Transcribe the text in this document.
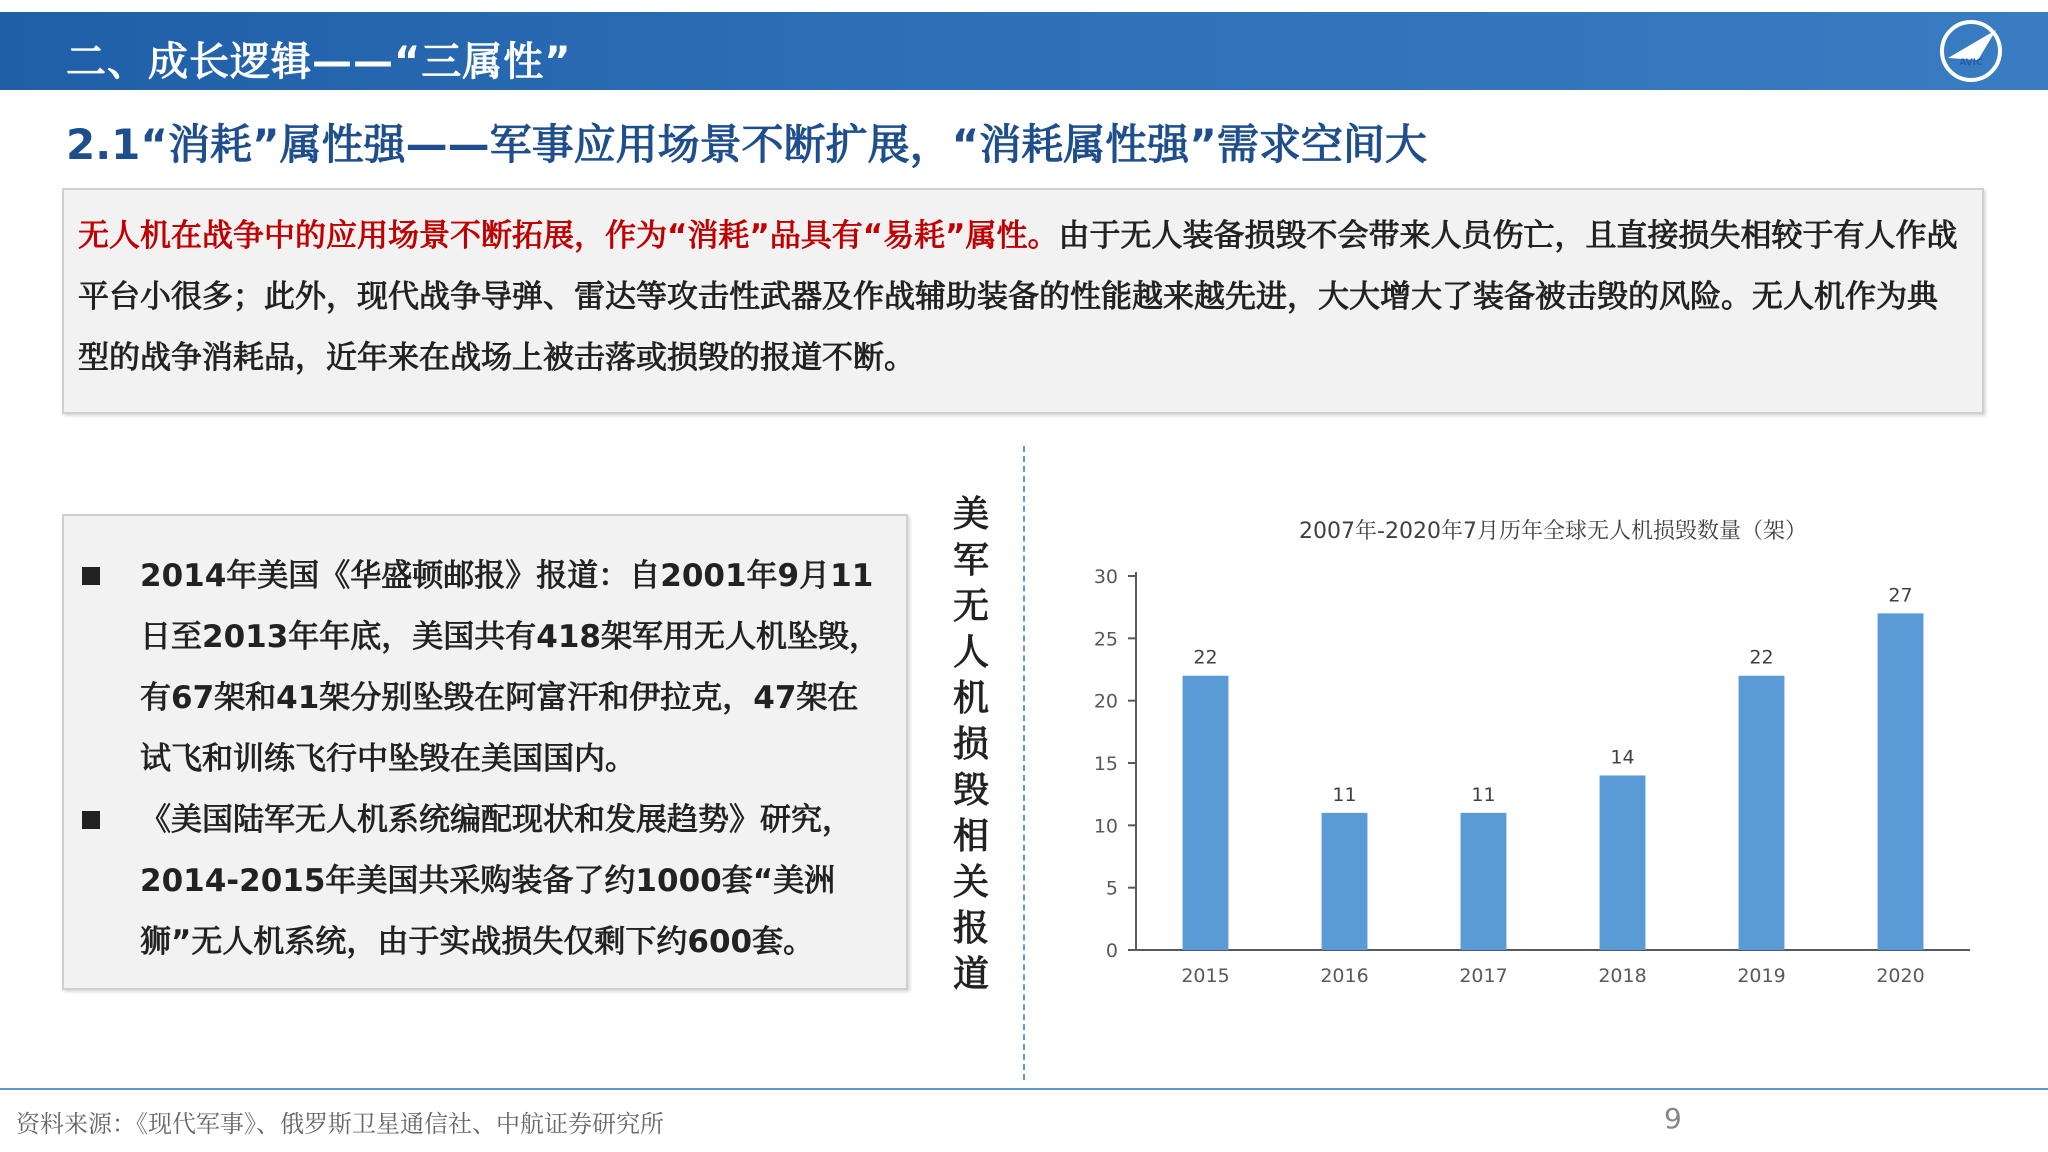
二、成长逻辑——“三属性”	AVIC
2.1“消耗”属性强——军事应用场景不断扩展，“消耗属性强”需求空间大
无人机在战争中的应用场景不断拓展，作为“消耗”品具有“易耗”属性。由于无人装备损毁不会带来人员伤亡，且直接损失相较于有人作战平台小很多；此外，现代战争导弹、雷达等攻击性武器及作战辅助装备的性能越来越先进，大大增大了装备被击毁的风险。无人机作为典型的战争消耗品，近年来在战场上被击落或损毁的报道不断。
2014年美国《华盛顿邮报》报道：自2001年9月11日至2013年年底，美国共有418架军用无人机坠毁，有67架和41架分别坠毁在阿富汗和伊拉克，47架在试飞和训练飞行中坠毁在美国国内。
《美国陆军无人机系统编配现状和发展趋势》研究，2014-2015年美国共采购装备了约1000套“美洲狮”无人机系统，由于实战损失仅剩下约600套。
美军无人机损毁相关报道
2007年-2020年7月历年全球无人机损毁数量（架）
0
5
10
15
20
25
30
22
2015
11
2016
11
2017
14
2018
22
2019
27
2020
资料来源：《现代军事》、俄罗斯卫星通信社、中航证券研究所	9
